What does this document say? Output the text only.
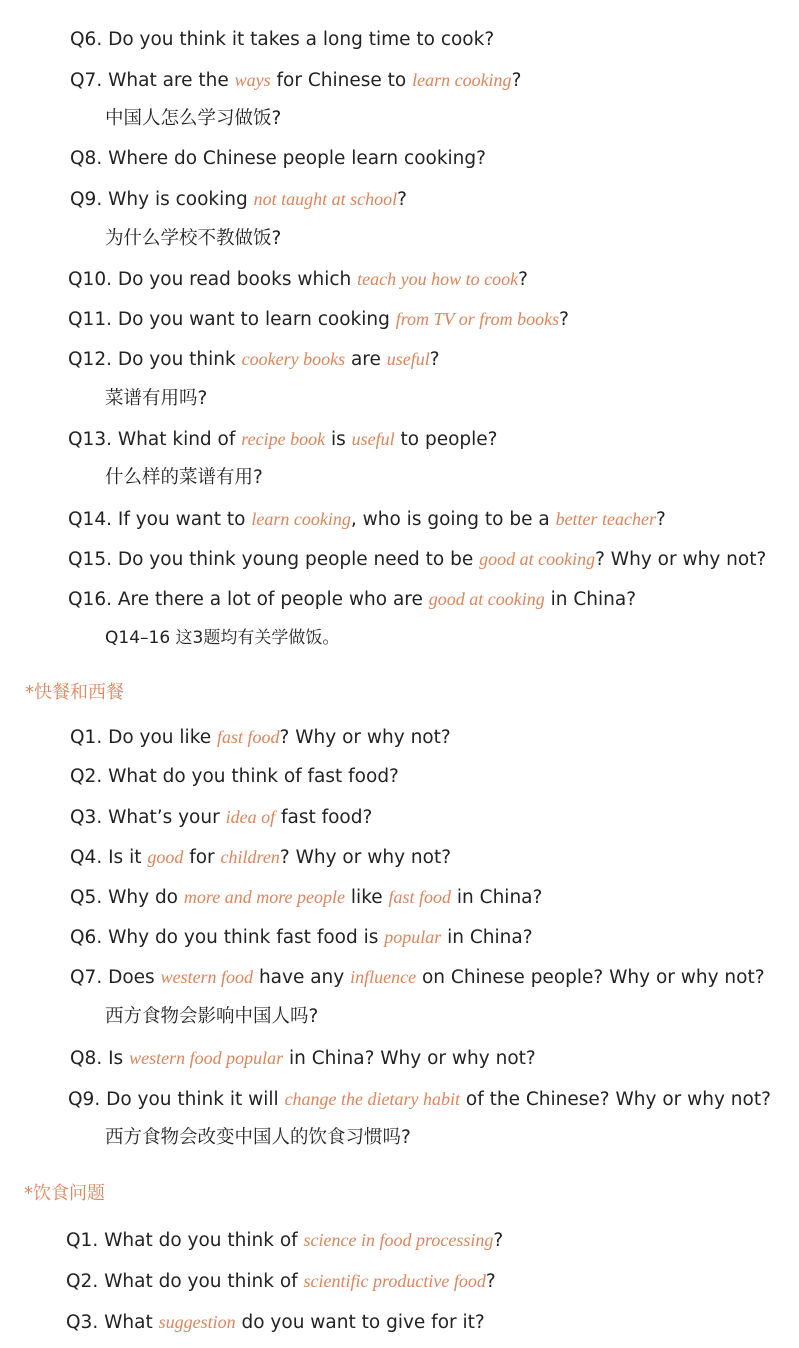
Q6. Do you think it takes a long time to cook?
Q7. What are the ways for Chinese to learn cooking?
中国人怎么学习做饭?
Q8. Where do Chinese people learn cooking?
Q9. Why is cooking not taught at school?
为什么学校不教做饭?
Q10. Do you read books which teach you how to cook?
Q11. Do you want to learn cooking from TV or from books?
Q12. Do you think cookery books are useful?
菜谱有用吗?
Q13. What kind of recipe book is useful to people?
什么样的菜谱有用?
Q14. If you want to learn cooking, who is going to be a better teacher?
Q15. Do you think young people need to be good at cooking? Why or why not?
Q16. Are there a lot of people who are good at cooking in China?
Q14–16 这3题均有关学做饭。
*快餐和西餐
Q1. Do you like fast food? Why or why not?
Q2. What do you think of fast food?
Q3. What’s your idea of fast food?
Q4. Is it good for children? Why or why not?
Q5. Why do more and more people like fast food in China?
Q6. Why do you think fast food is popular in China?
Q7. Does western food have any influence on Chinese people? Why or why not?
西方食物会影响中国人吗?
Q8. Is western food popular in China? Why or why not?
Q9. Do you think it will change the dietary habit of the Chinese? Why or why not?
西方食物会改变中国人的饮食习惯吗?
*饮食问题
Q1. What do you think of science in food processing?
Q2. What do you think of scientific productive food?
Q3. What suggestion do you want to give for it?
